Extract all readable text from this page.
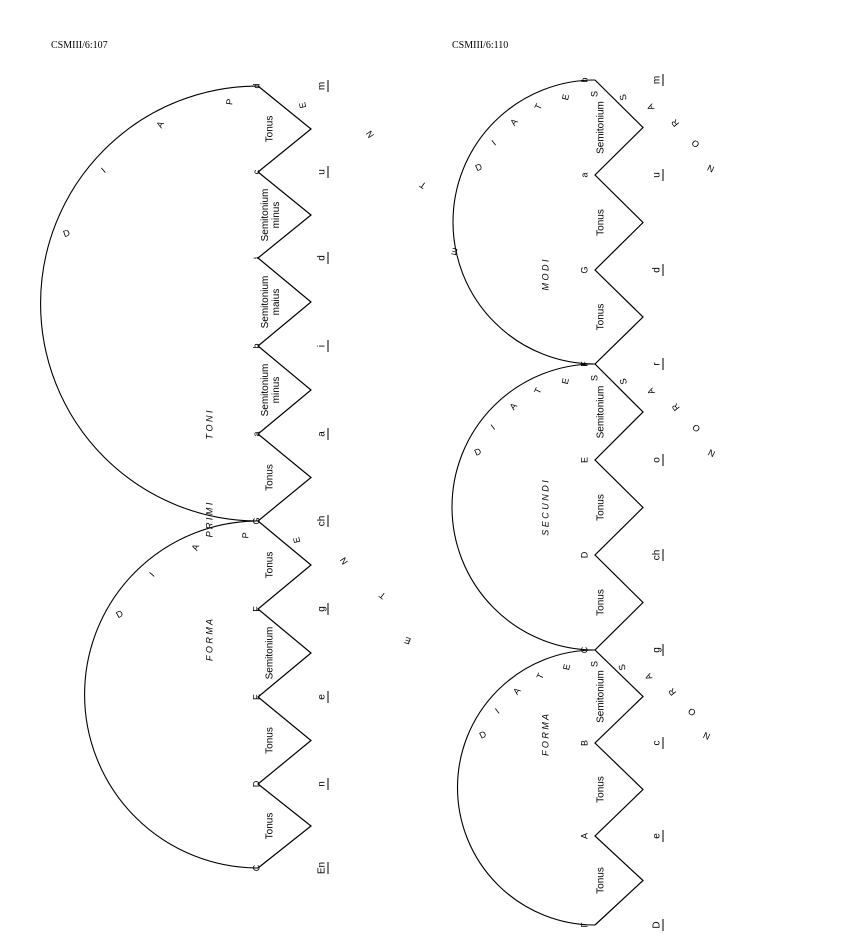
CSMIII/6:107	CSMIII/6:110
d
c
♮
b
a
G
F
E
D
C
Tonus
Semitoniumminus
Semitoniummaius
Semitoniumminus
Tonus
Tonus
Semitonium
Tonus
Tonus
m
u
d
i
a
ch
g
e
n
En
D
I
A
P	E
N
T
E
D
I
A
P
E
N
T
E
F O R M A
P R I M I
T O N I
b
a
G
F
E
D
C
B
A
Γ
Semitonium
Tonus
Tonus
Semitonium
Tonus
Tonus
Semitonium
Tonus
Tonus
m
u
d
r
o
ch
g
c
e
D
D
I
A
T
E S S
A
R
O
N
D
I
A
T
E S S
A
R
O
N
D
I
A
T
E S S
A
R
O
N
F O R M A
S E C U N D I
M O D I
